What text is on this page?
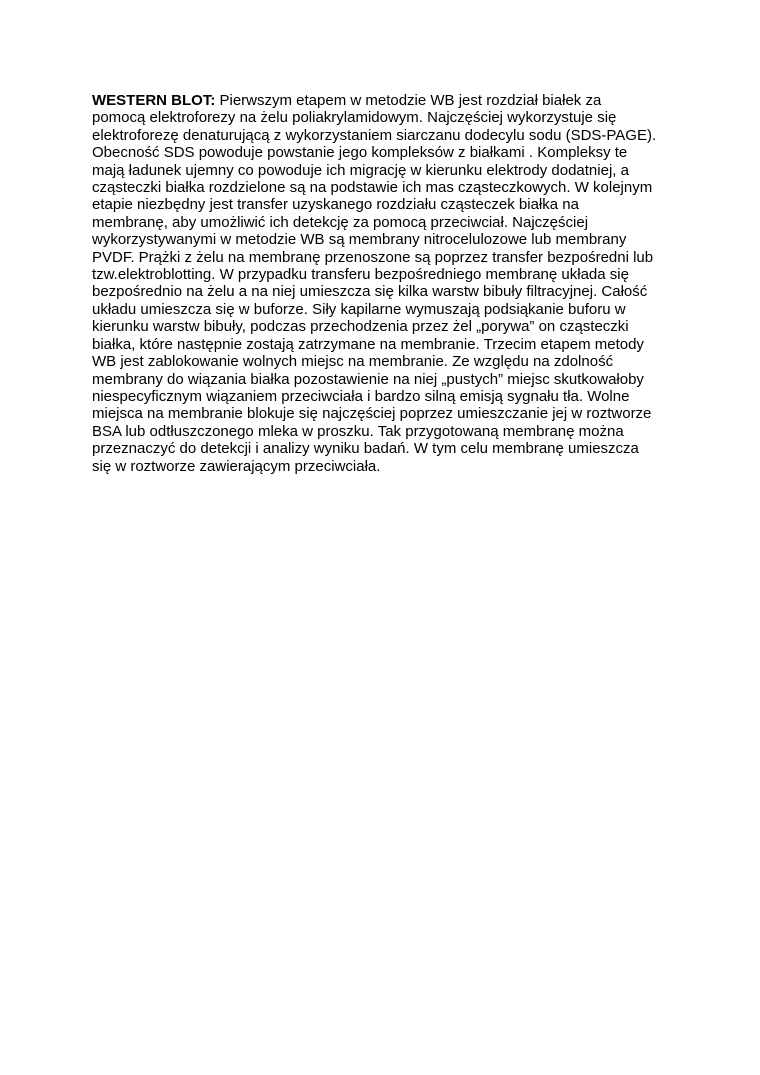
WESTERN BLOT: Pierwszym etapem w metodzie WB jest rozdział białek za
pomocą elektroforezy na żelu poliakrylamidowym. Najczęściej wykorzystuje się
elektroforezę denaturującą z wykorzystaniem siarczanu dodecylu sodu (SDS-PAGE).
Obecność SDS powoduje powstanie jego kompleksów z białkami . Kompleksy te
mają ładunek ujemny co powoduje ich migrację w kierunku elektrody dodatniej, a
cząsteczki białka rozdzielone są na podstawie ich mas cząsteczkowych. W kolejnym
etapie niezbędny jest transfer uzyskanego rozdziału cząsteczek białka na
membranę, aby umożliwić ich detekcję za pomocą przeciwciał. Najczęściej
wykorzystywanymi w metodzie WB są membrany nitrocelulozowe lub membrany
PVDF. Prążki z żelu na membranę przenoszone są poprzez transfer bezpośredni lub
tzw.elektroblotting. W przypadku transferu bezpośredniego membranę układa się
bezpośrednio na żelu a na niej umieszcza się kilka warstw bibuły filtracyjnej. Całość
układu umieszcza się w buforze. Siły kapilarne wymuszają podsiąkanie buforu w
kierunku warstw bibuły, podczas przechodzenia przez żel „porywa” on cząsteczki
białka, które następnie zostają zatrzymane na membranie. Trzecim etapem metody
WB jest zablokowanie wolnych miejsc na membranie. Ze względu na zdolność
membrany do wiązania białka pozostawienie na niej „pustych” miejsc skutkowałoby
niespecyficznym wiązaniem przeciwciała i bardzo silną emisją sygnału tła. Wolne
miejsca na membranie blokuje się najczęściej poprzez umieszczanie jej w roztworze
BSA lub odtłuszczonego mleka w proszku. Tak przygotowaną membranę można
przeznaczyć do detekcji i analizy wyniku badań. W tym celu membranę umieszcza
się w roztworze zawierającym przeciwciała.
